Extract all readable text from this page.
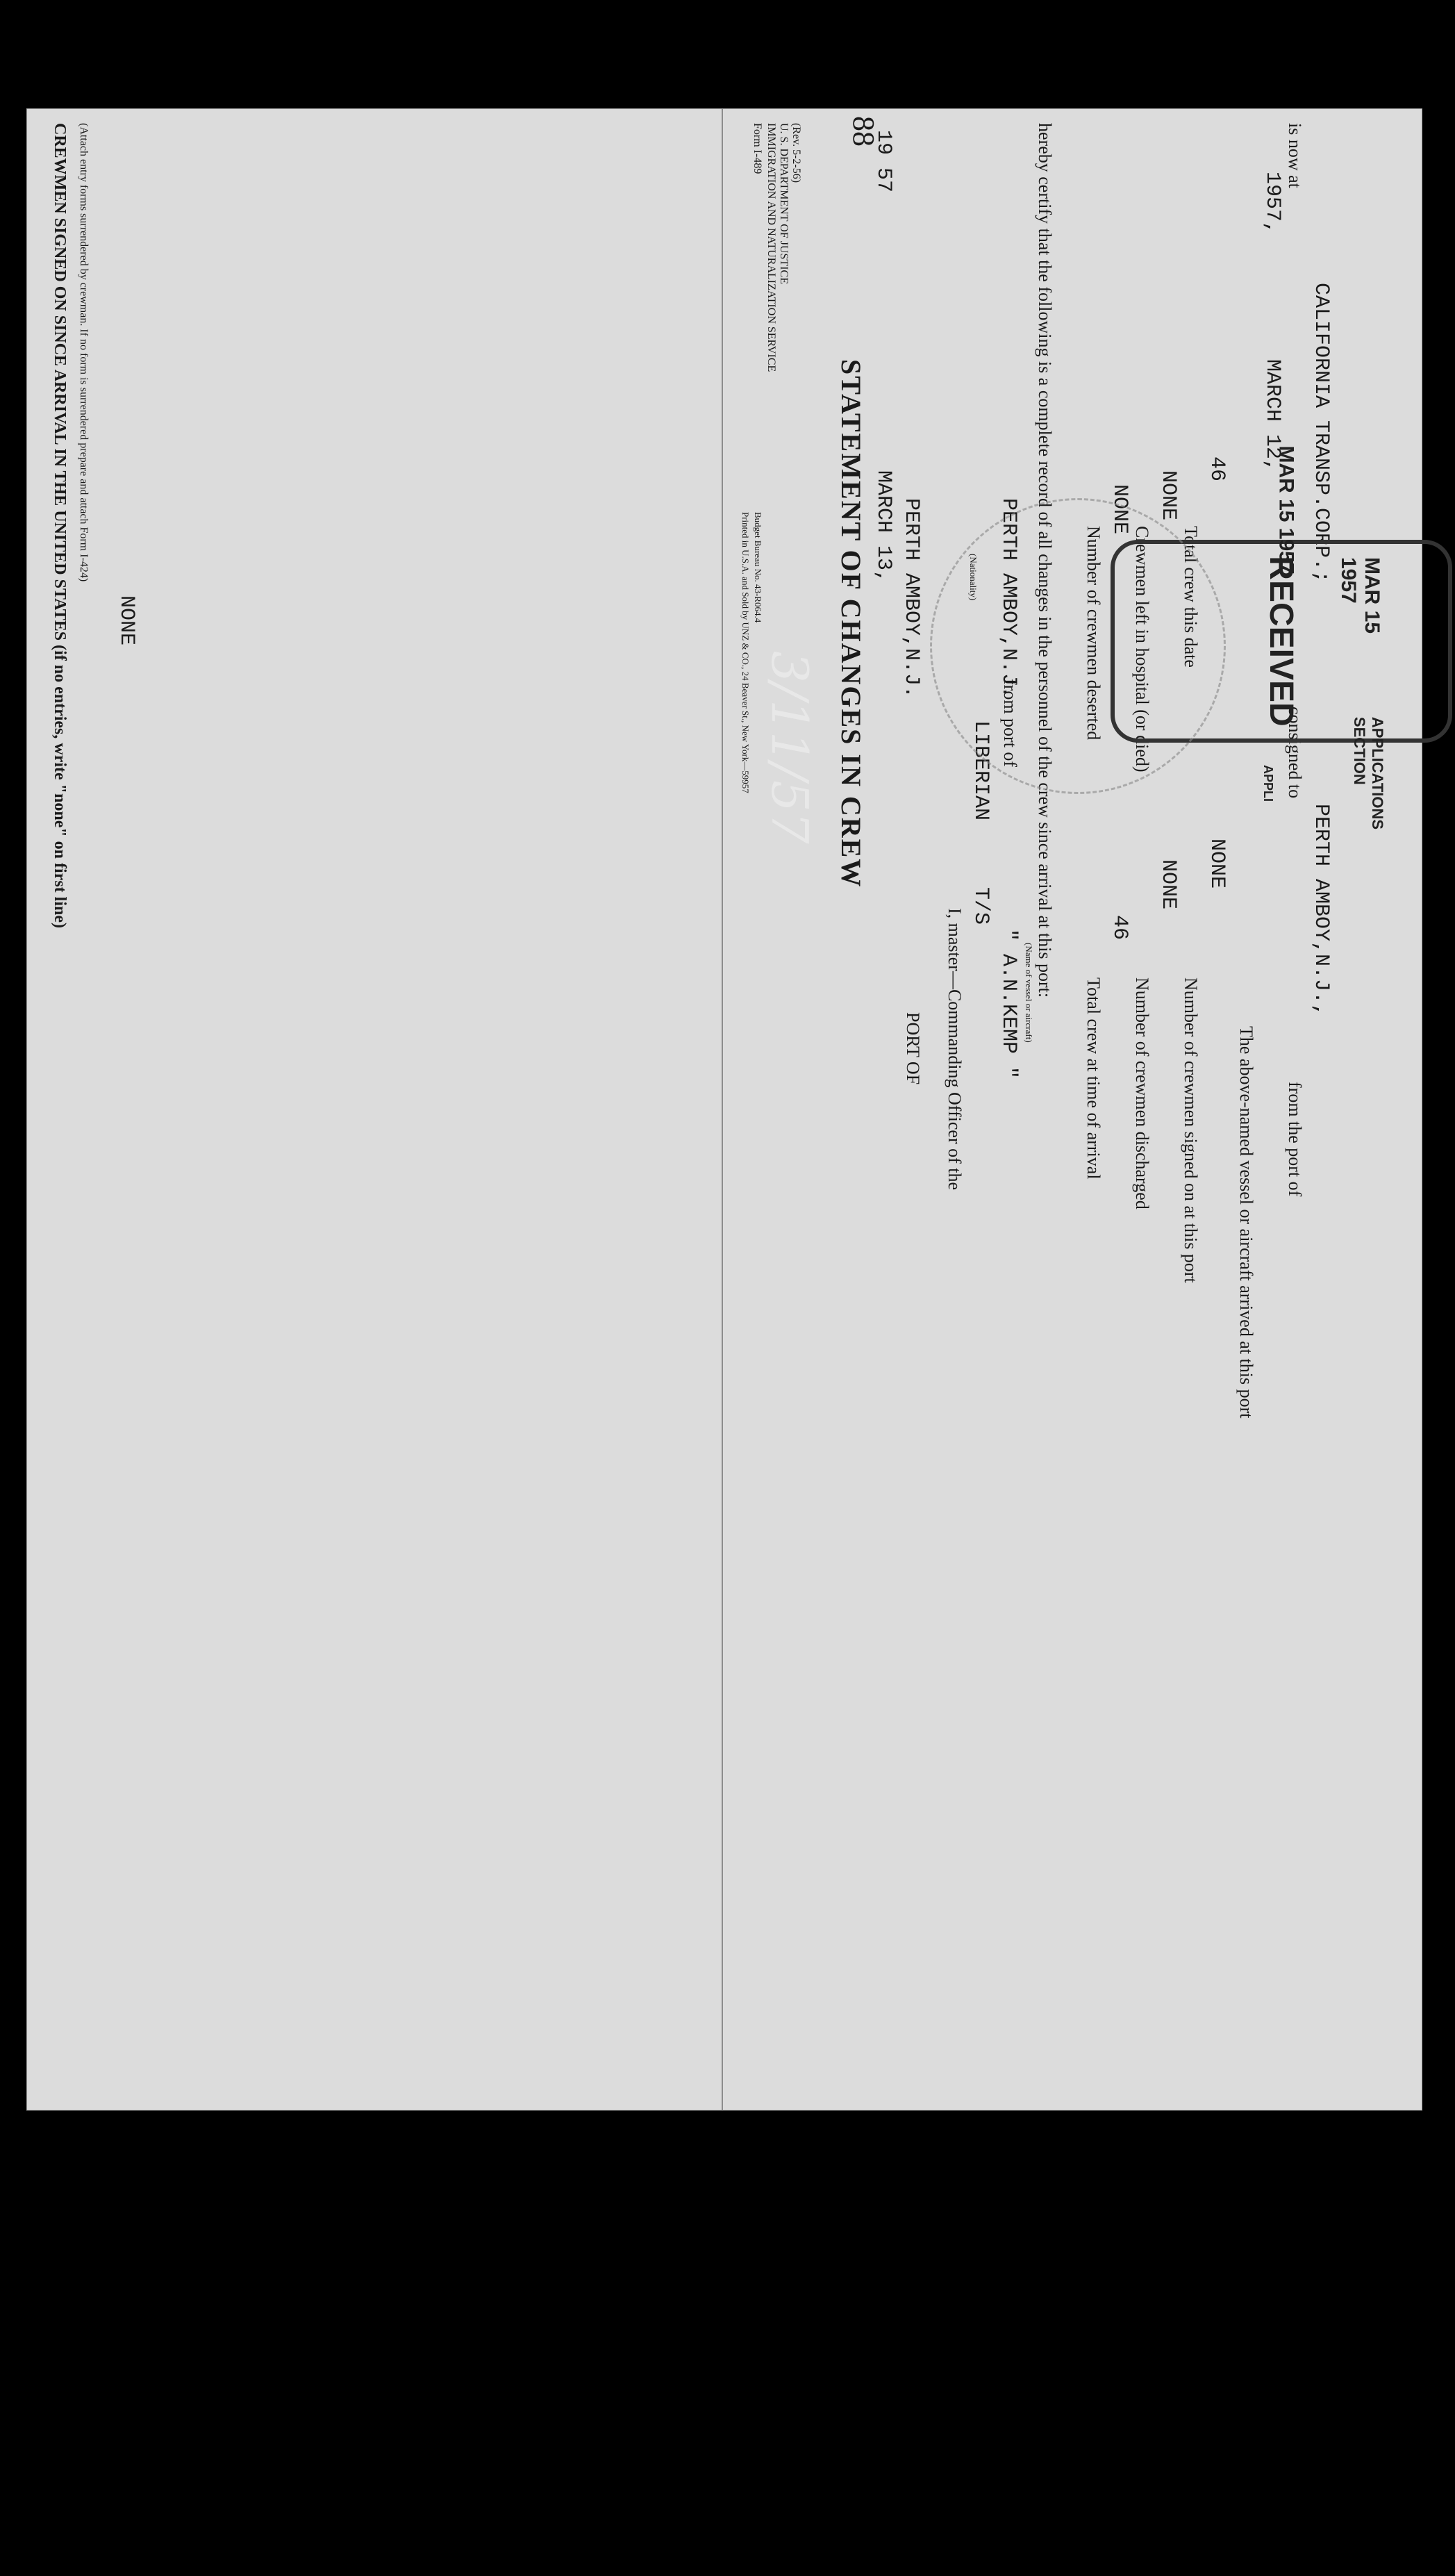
Form I-489 IMMIGRATION AND NATURALIZATION SERVICE U. S. DEPARTMENT OF JUSTICE (Rev. 5-2-56)
Printed in U.S.A. and Sold by UNZ & CO., 24 Beaver St., New York—59957 Budget Bureau No. 43-R064.4
3/11/57
88
STATEMENT OF CHANGES IN CREW
PORT OF
PERTH AMBOY,N.J.
MARCH 13,
19 57
I, master—Commanding Officer of the
T/S
LIBERIAN
(Nationality)
" A.N.KEMP " (Name of vessel or aircraft)
from port of
PERTH AMBOY,N.J. hereby certify that the following is a complete record of all changes in the personnel of the crew since arrival at this port:
Total crew at time of arrival
46
Number of crewmen deserted
NONE
Number of crewmen discharged
NONE
Crewmen left in hospital (or died)
NONE
Number of crewmen signed on at this port
NONE
Total crew this date
46
The above-named vessel or aircraft arrived at this port
MARCH 12,
1957,
from the port of
PERTH AMBOY,N.J.,
consigned to
CALIFORNIA TRANSP.CORP.;
is now at
CREWMEN SIGNED ON SINCE ARRIVAL IN THE UNITED STATES (if no entries, write "none" on first line) (Attach entry forms surrendered by crewman. If no form is surrendered prepare and attach Form I-424)
NONE	RECEIVED
MAR 15 1957
MAR 15 1957
APPLICATIONS SECTION
APPLI
